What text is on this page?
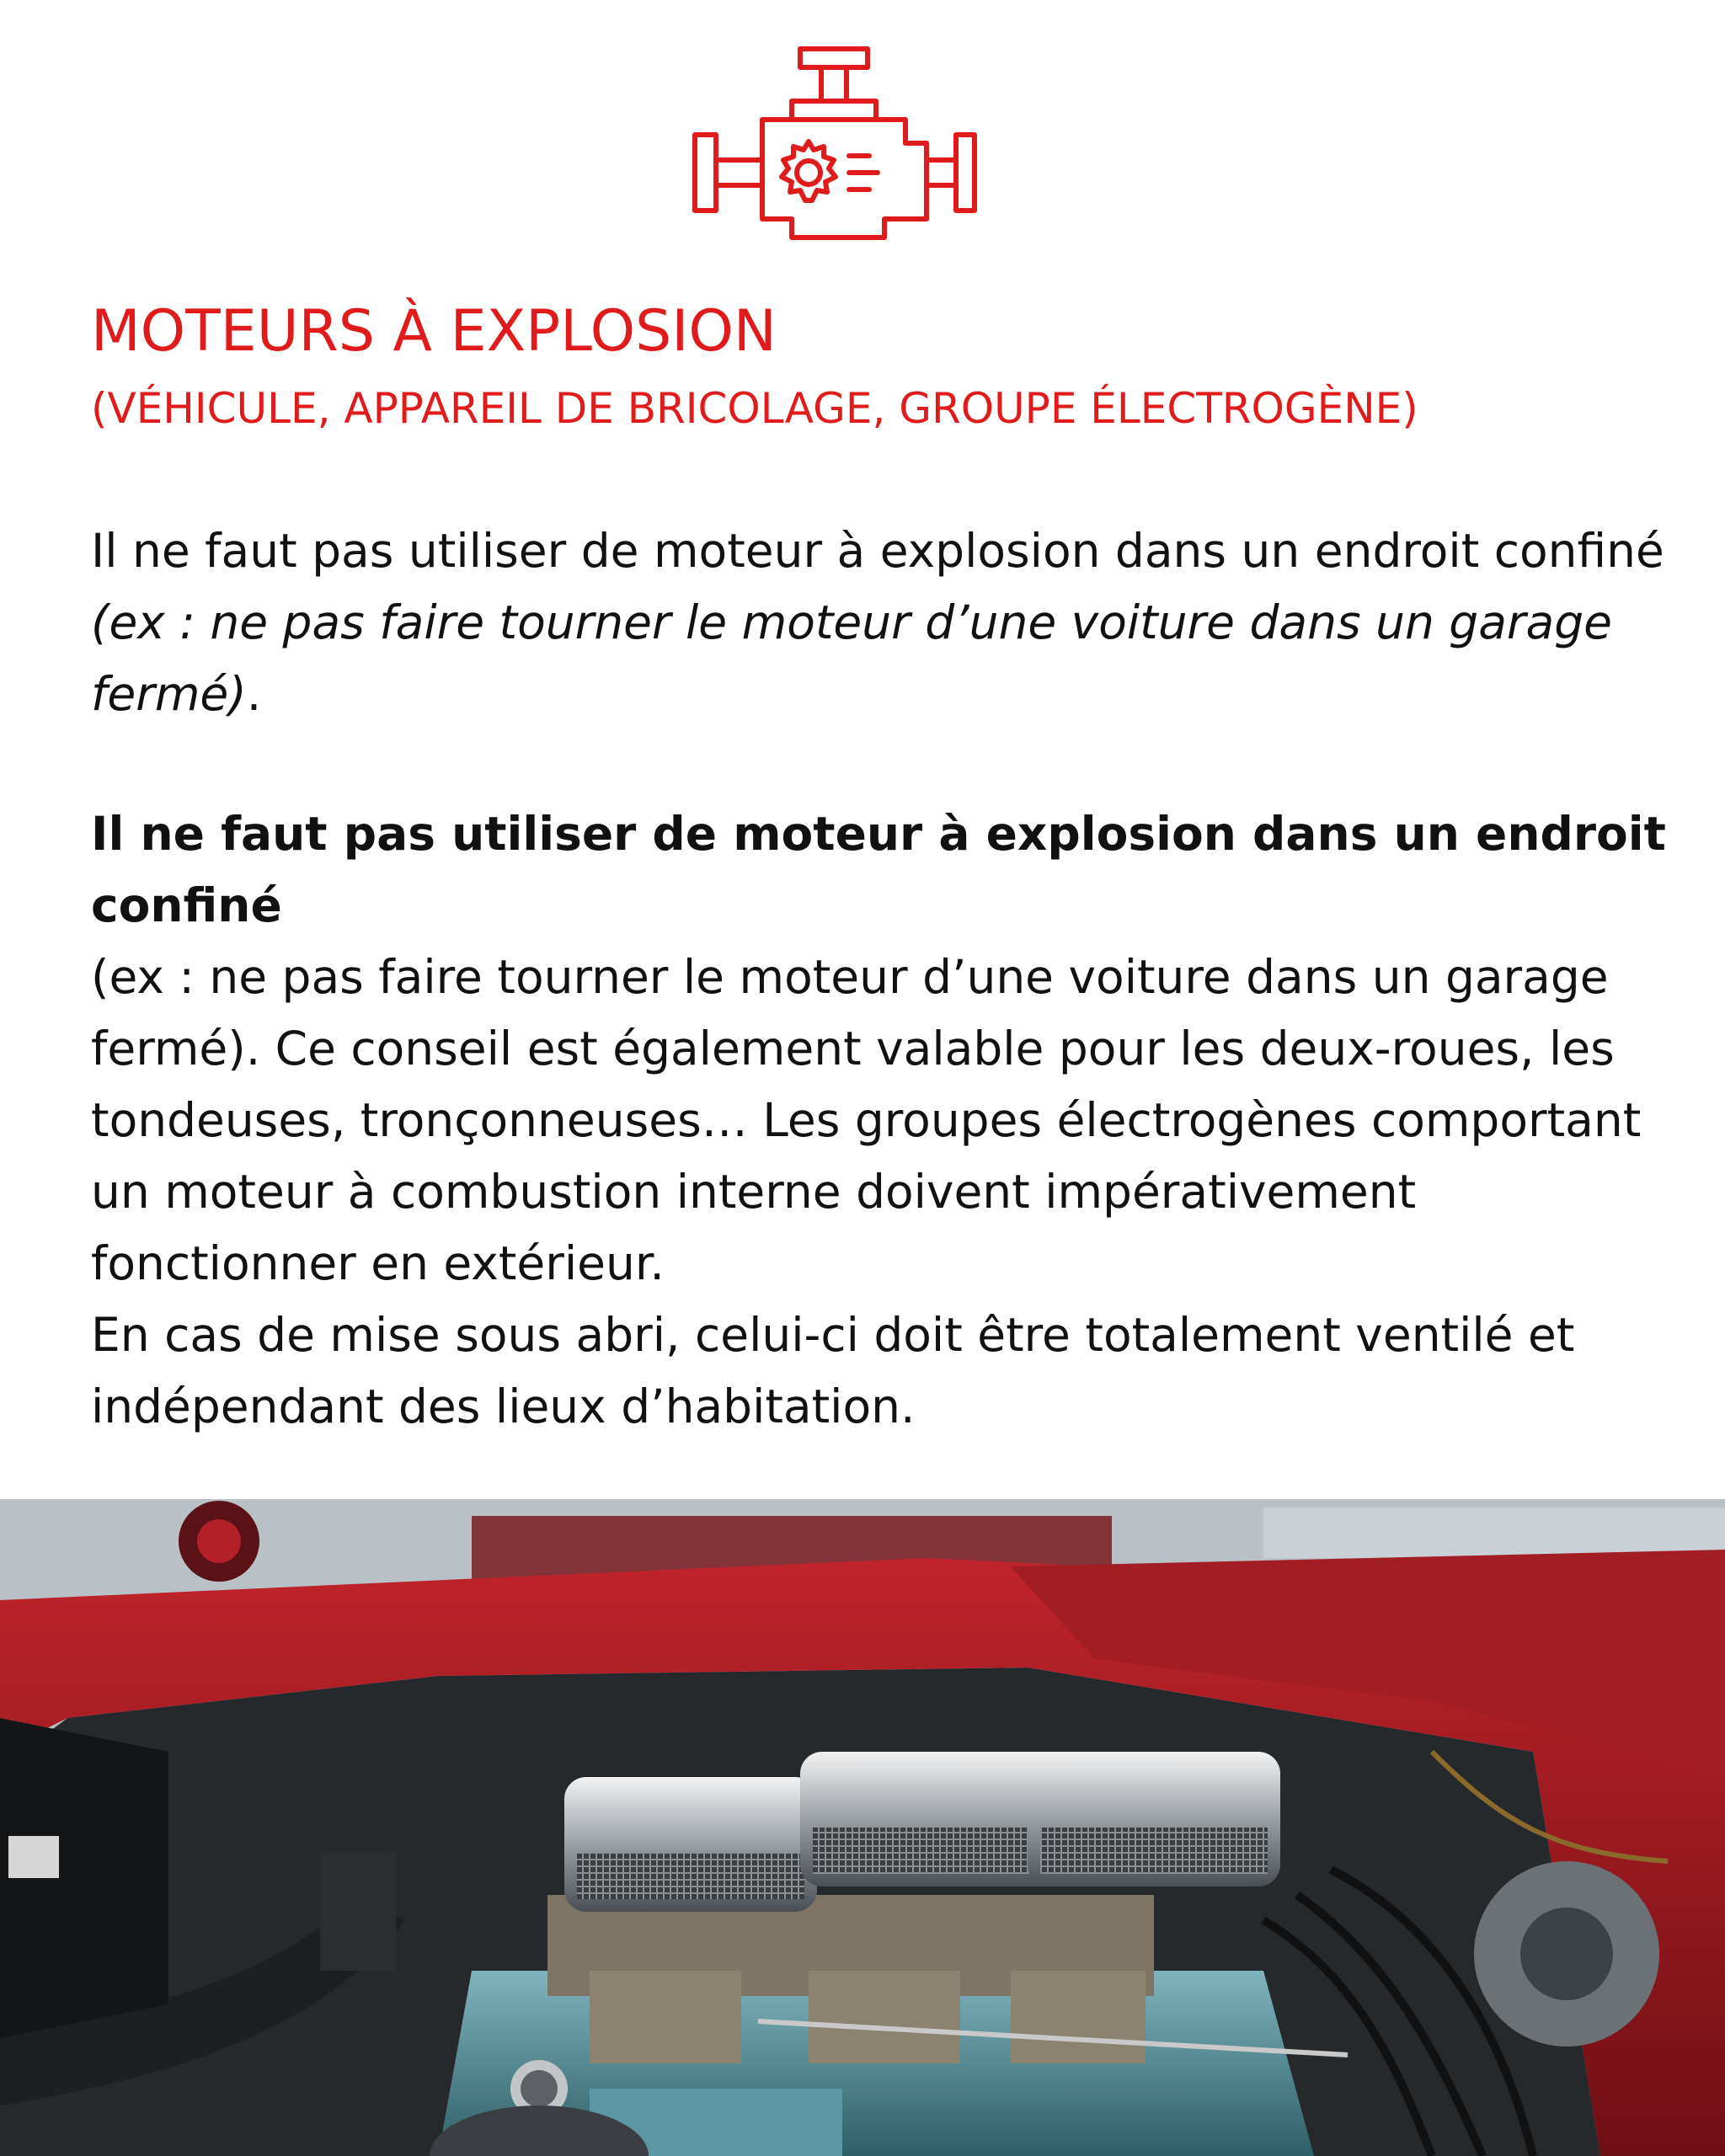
MOTEURS À EXPLOSION
(VÉHICULE, APPAREIL DE BRICOLAGE, GROUPE ÉLECTROGÈNE)

Il ne faut pas utiliser de moteur à explosion dans un endroit confiné (ex : ne pas faire tourner le moteur d’une voiture dans un garage fermé).

Il ne faut pas utiliser de moteur à explosion dans un endroit confiné
(ex : ne pas faire tourner le moteur d’une voiture dans un garage fermé). Ce conseil est également valable pour les deux-roues, les tondeuses, tronçonneuses… Les groupes électrogènes comportant un moteur à combustion interne doivent impérativement fonctionner en extérieur.
En cas de mise sous abri, celui-ci doit être totalement ventilé et indépendant des lieux d’habitation.
